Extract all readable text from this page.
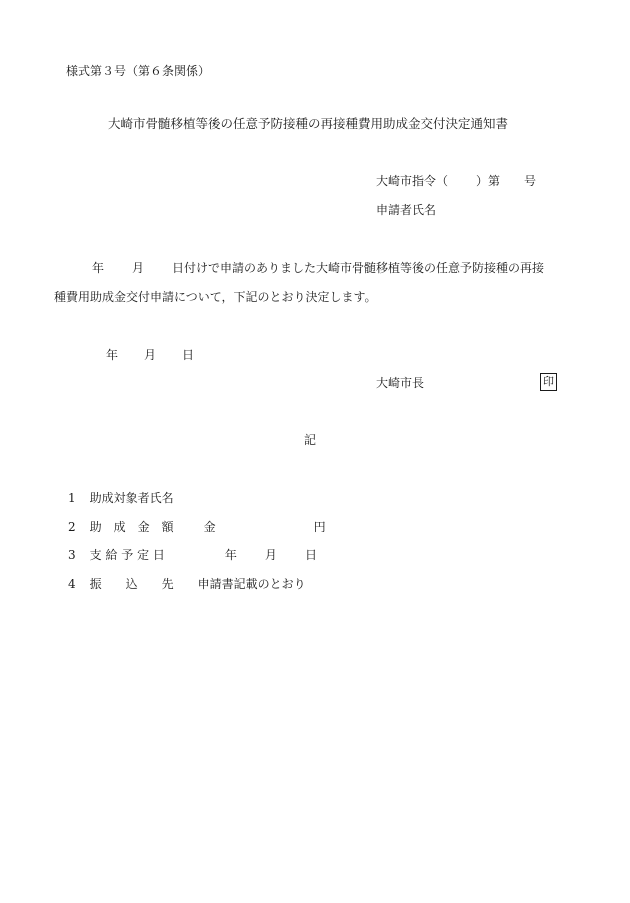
様式第３号（第６条関係）
大崎市骨髄移植等後の任意予防接種の再接種費用助成金交付決定通知書
大崎市指令（ ）第 号
申請者氏名
年 月 日付けで申請のありました大崎市骨髄移植等後の任意予防接種の再接
種費用助成金交付申請について，下記のとおり決定します。
年 月 日
大崎市長	印
記
1 助成対象者氏名
2 助　成　金　額	金	円
3 支 給 予 定 日	年 月 日
4 振　　込　　先 申請書記載のとおり
